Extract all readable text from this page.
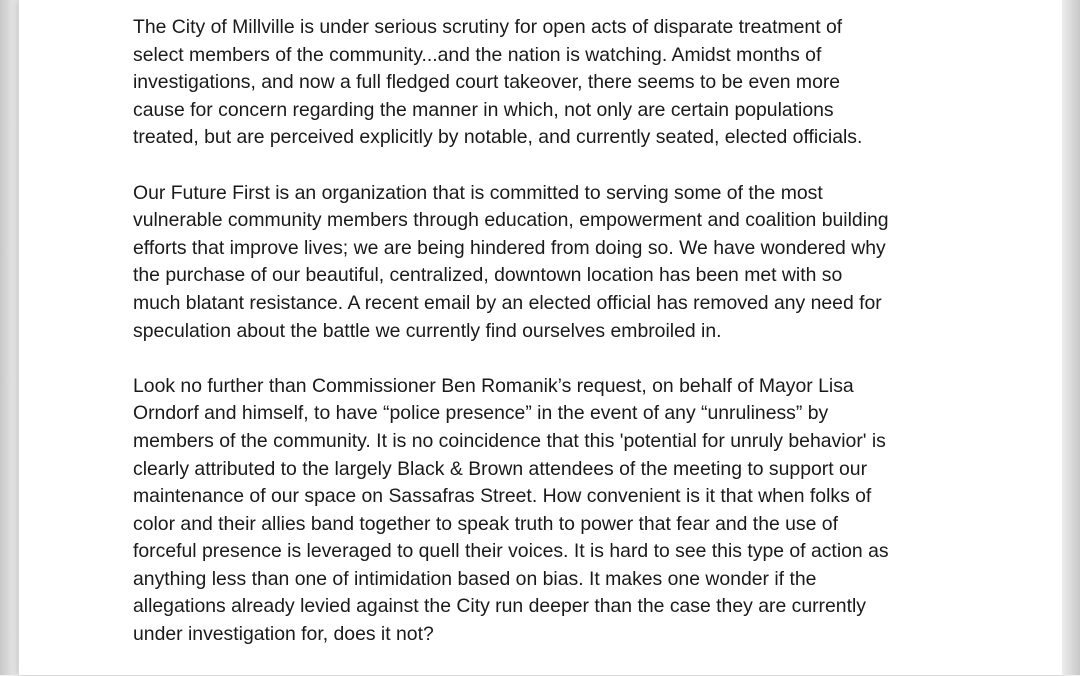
The City of Millville is under serious scrutiny for open acts of disparate treatment of
select members of the community...and the nation is watching. Amidst months of
investigations, and now a full fledged court takeover, there seems to be even more
cause for concern regarding the manner in which, not only are certain populations
treated, but are perceived explicitly by notable, and currently seated, elected officials.

Our Future First is an organization that is committed to serving some of the most
vulnerable community members through education, empowerment and coalition building
efforts that improve lives; we are being hindered from doing so. We have wondered why
the purchase of our beautiful, centralized, downtown location has been met with so
much blatant resistance. A recent email by an elected official has removed any need for
speculation about the battle we currently find ourselves embroiled in.

Look no further than Commissioner Ben Romanik’s request, on behalf of Mayor Lisa
Orndorf and himself, to have “police presence” in the event of any “unruliness” by
members of the community. It is no coincidence that this 'potential for unruly behavior' is
clearly attributed to the largely Black & Brown attendees of the meeting to support our
maintenance of our space on Sassafras Street. How convenient is it that when folks of
color and their allies band together to speak truth to power that fear and the use of
forceful presence is leveraged to quell their voices. It is hard to see this type of action as
anything less than one of intimidation based on bias. It makes one wonder if the
allegations already levied against the City run deeper than the case they are currently
under investigation for, does it not?
